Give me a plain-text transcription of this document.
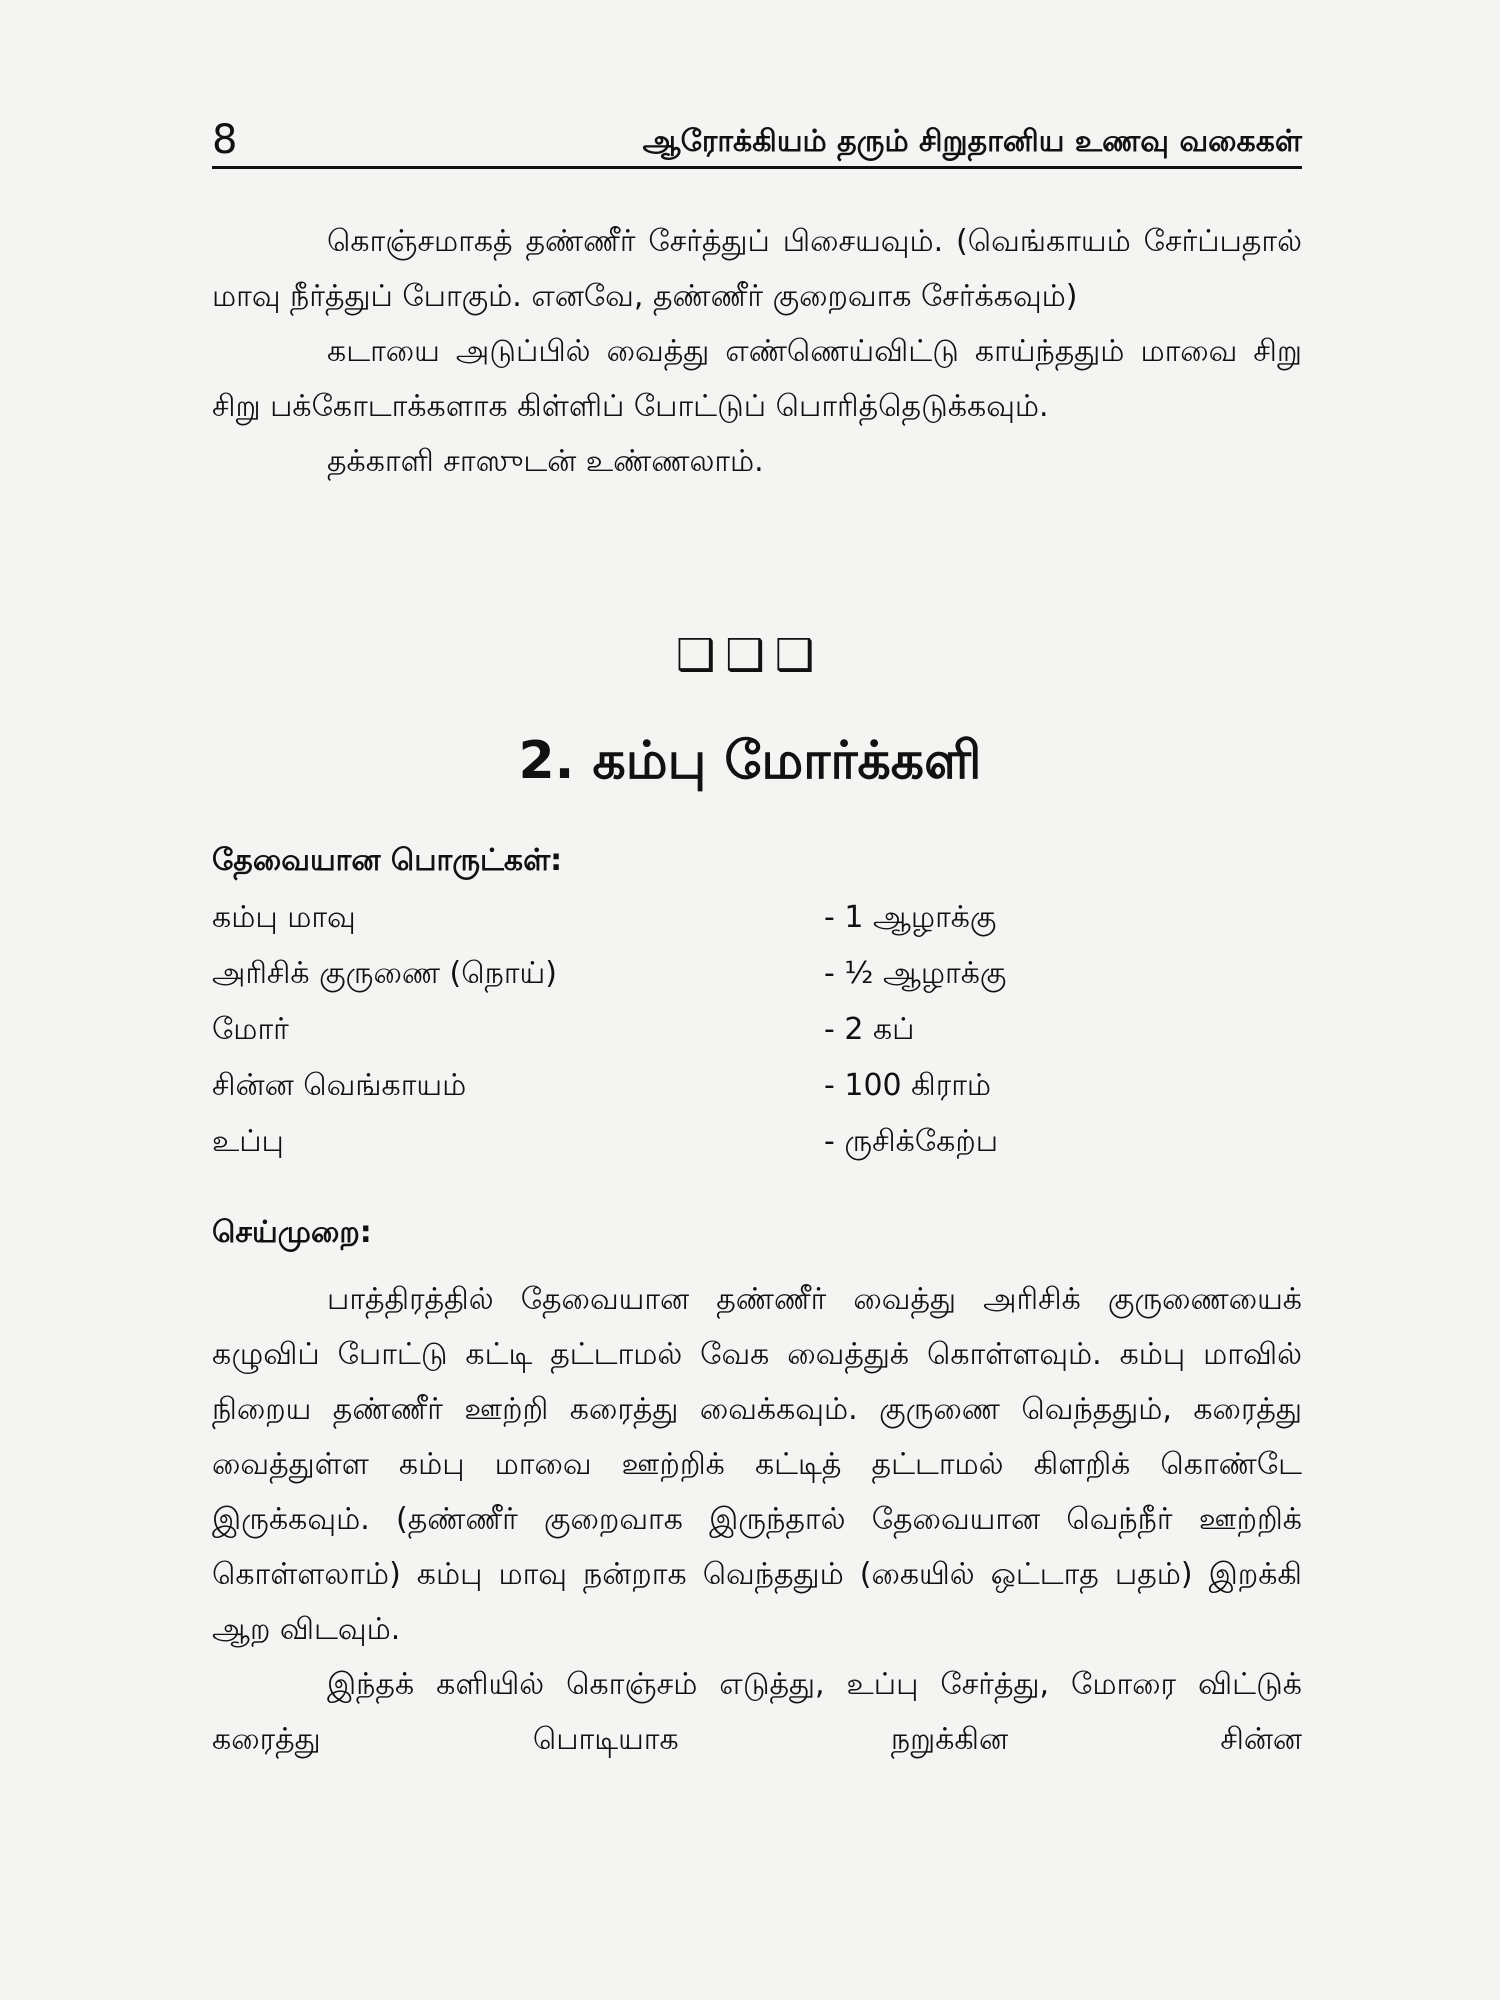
8	ஆரோக்கியம் தரும் சிறுதானிய உணவு வகைகள்

கொஞ்சமாகத் தண்ணீர் சேர்த்துப் பிசையவும். (வெங்காயம் சேர்ப்பதால் மாவு நீர்த்துப் போகும். எனவே, தண்ணீர் குறைவாக சேர்க்கவும்)

கடாயை அடுப்பில் வைத்து எண்ணெய்விட்டு காய்ந்ததும் மாவை சிறு சிறு பக்கோடாக்களாக கிள்ளிப் போட்டுப் பொரித்தெடுக்கவும்.

தக்காளி சாஸுடன் உண்ணலாம்.

❑❑❑
2. கம்பு மோர்க்களி
தேவையான பொருட்கள்:
கம்பு மாவு	- 1 ஆழாக்கு
அரிசிக் குருணை (நொய்)	- ½ ஆழாக்கு
மோர்	- 2 கப்
சின்ன வெங்காயம்	- 100 கிராம்
உப்பு	- ருசிக்கேற்ப
செய்முறை:

பாத்திரத்தில் தேவையான தண்ணீர் வைத்து அரிசிக் குருணையைக் கழுவிப் போட்டு கட்டி தட்டாமல் வேக வைத்துக் கொள்ளவும். கம்பு மாவில் நிறைய தண்ணீர் ஊற்றி கரைத்து வைக்கவும். குருணை வெந்ததும், கரைத்து வைத்துள்ள கம்பு மாவை ஊற்றிக் கட்டித் தட்டாமல் கிளறிக் கொண்டே இருக்கவும். (தண்ணீர் குறைவாக இருந்தால் தேவையான வெந்நீர் ஊற்றிக் கொள்ளலாம்) கம்பு மாவு நன்றாக வெந்ததும் (கையில் ஒட்டாத பதம்) இறக்கி ஆற விடவும்.

இந்தக் களியில் கொஞ்சம் எடுத்து, உப்பு சேர்த்து, மோரை விட்டுக் கரைத்து பொடியாக நறுக்கின சின்ன
